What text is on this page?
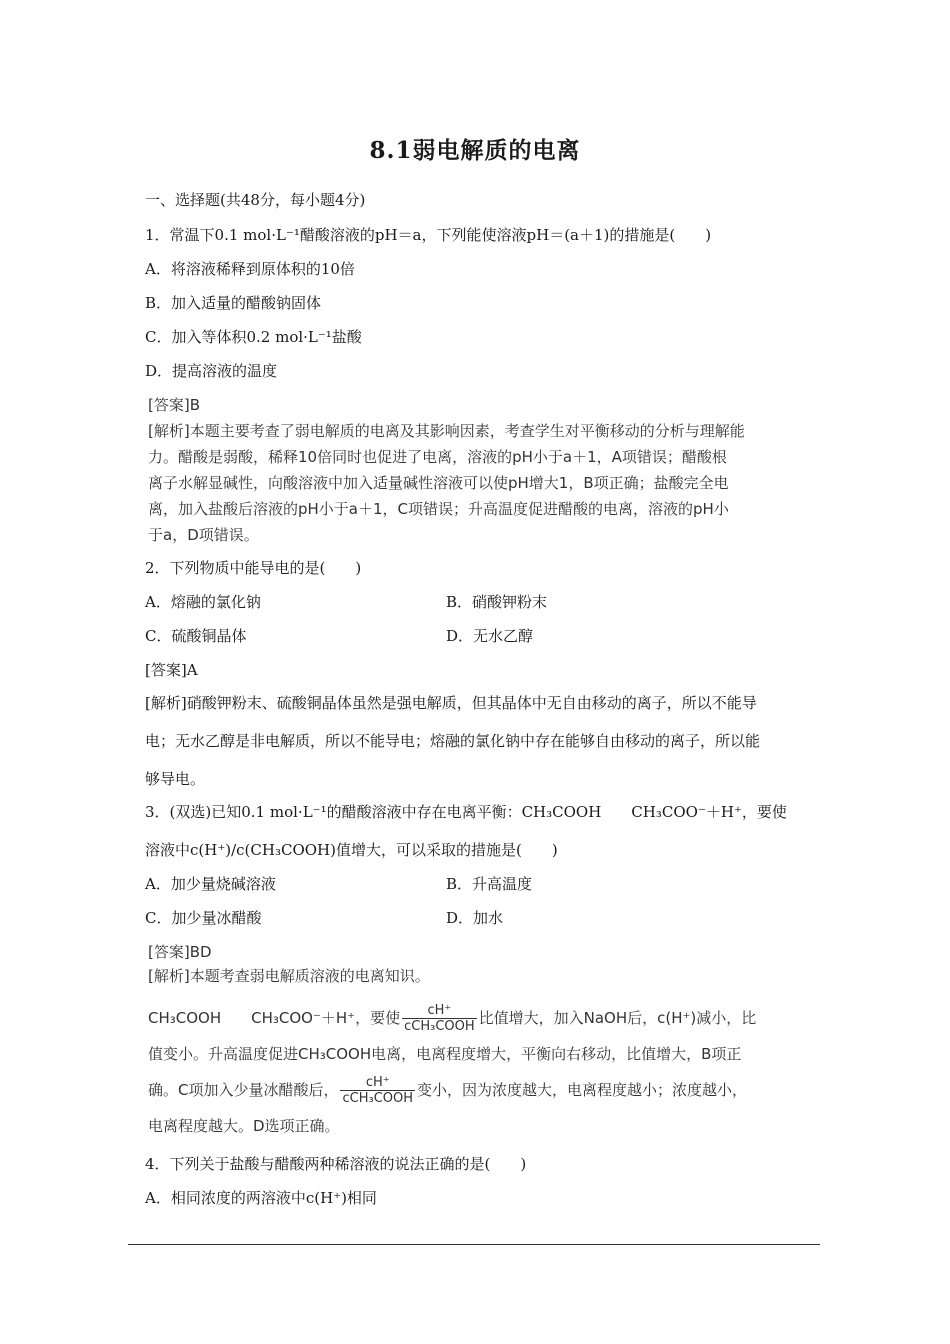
8.1弱电解质的电离
一、选择题(共48分，每小题4分)
1．常温下0.1 mol·L⁻¹醋酸溶液的pH＝a，下列能使溶液pH＝(a＋1)的措施是(　　)
A．将溶液稀释到原体积的10倍
B．加入适量的醋酸钠固体
C．加入等体积0.2 mol·L⁻¹盐酸
D．提高溶液的温度

[答案]B

[解析]本题主要考查了弱电解质的电离及其影响因素，考查学生对平衡移动的分析与理解能

力。醋酸是弱酸，稀释10倍同时也促进了电离，溶液的pH小于a＋1，A项错误；醋酸根

离子水解显碱性，向酸溶液中加入适量碱性溶液可以使pH增大1，B项正确；盐酸完全电

离，加入盐酸后溶液的pH小于a＋1，C项错误；升高温度促进醋酸的电离，溶液的pH小

于a，D项错误。

2．下列物质中能导电的是(　　)
A．熔融的氯化钠	B．硝酸钾粉末
C．硫酸铜晶体	D．无水乙醇
[答案]A

[解析]硝酸钾粉末、硫酸铜晶体虽然是强电解质，但其晶体中无自由移动的离子，所以不能导

电；无水乙醇是非电解质，所以不能导电；熔融的氯化钠中存在能够自由移动的离子，所以能

够导电。

3．(双选)已知0.1 mol·L⁻¹的醋酸溶液中存在电离平衡：CH₃COOH　　CH₃COO⁻＋H⁺，要使
溶液中c(H⁺)/c(CH₃COOH)值增大，可以采取的措施是(　　)
A．加少量烧碱溶液	B．升高温度
C．加少量冰醋酸	D．加水

[答案]BD

[解析]本题考查弱电解质溶液的电离知识。

CH₃COOH　　CH₃COO⁻＋H⁺，要使 $\frac{cH^+}{\text{cCH₃COOH}}$ 比值增大，加入NaOH后，c(H⁺)减小，比

值变小。升高温度促进CH₃COOH电离，电离程度增大，平衡向右移动，比值增大，B项正

确。C项加入少量冰醋酸后， $\frac{cH^+}{\text{cCH₃COOH}}$ 变小，因为浓度越大，电离程度越小；浓度越小，

电离程度越大。D选项正确。

4．下列关于盐酸与醋酸两种稀溶液的说法正确的是(　　)
A．相同浓度的两溶液中c(H⁺)相同
